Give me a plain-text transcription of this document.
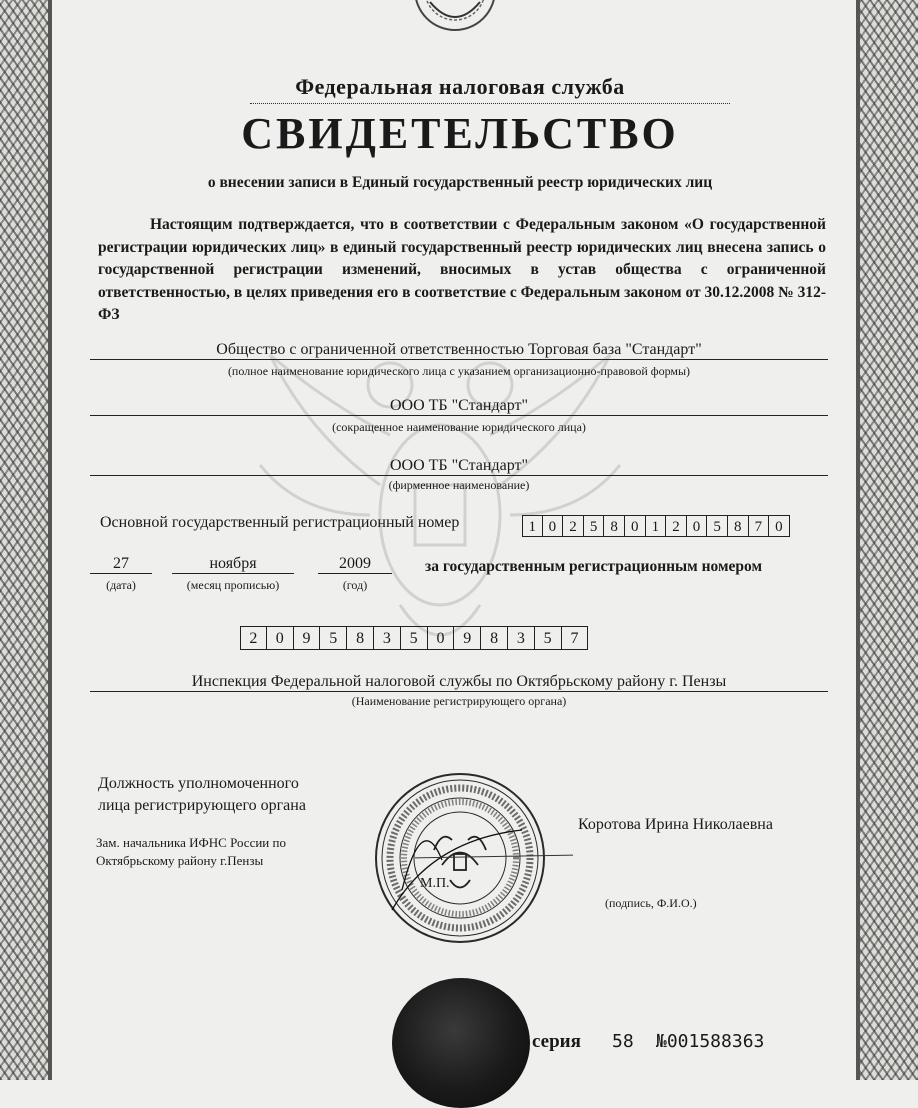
Федеральная налоговая служба
СВИДЕТЕЛЬСТВО
о внесении записи в Единый государственный реестр юридических лиц
Настоящим подтверждается, что в соответствии с Федеральным законом «О государственной регистрации юридических лиц» в единый государственный реестр юридических лиц внесена запись о государственной регистрации изменений, вносимых в устав общества с ограниченной ответственностью, в целях приведения его в соответствие с Федеральным законом от 30.12.2008 № 312-ФЗ
Общество с ограниченной ответственностью Торговая база "Стандарт"
(полное наименование юридического лица с указанием организационно-правовой формы)
ООО ТБ "Стандарт"
(сокращенное наименование юридического лица)
ООО ТБ "Стандарт"
(фирменное наименование)
Основной государственный регистрационный номер	1 0 2 5 8 0 1 2 0 5 8 7 0
27
(дата)
ноября
(месяц прописью)
2009
(год)
за государственным регистрационным номером
2	0	9	5	8	3	5	0	9	8	3	5	7
Инспекция Федеральной налоговой службы по Октябрьскому району г. Пензы
(Наименование регистрирующего органа)
Должность уполномоченного
лица регистрирующего органа
Зам. начальника ИФНС России по
Октябрьскому району г.Пензы
М.П.
Коротова Ирина Николаевна
(подпись, Ф.И.О.)
серия 58 №001588363
